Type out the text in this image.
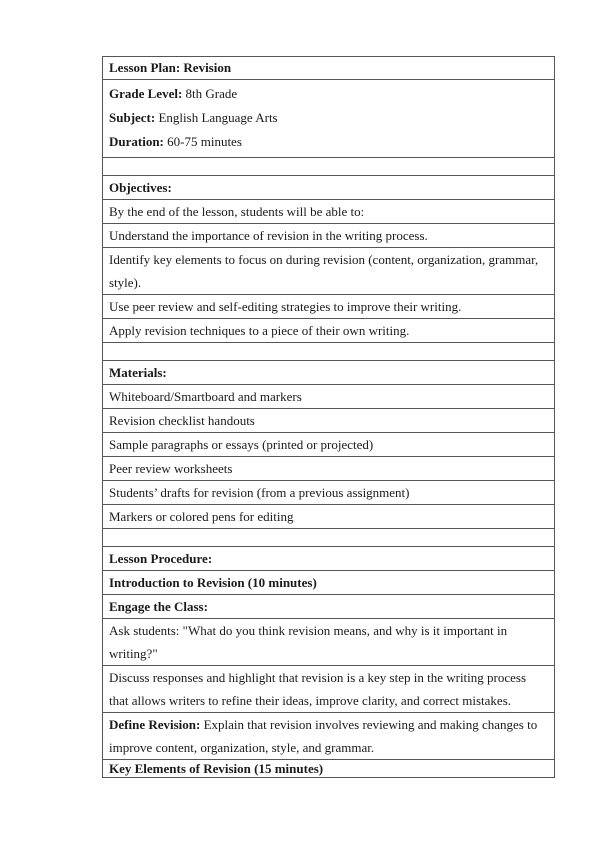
Lesson Plan: Revision

Grade Level: 8th Grade
Subject: English Language Arts
Duration: 60-75 minutes

Objectives:
By the end of the lesson, students will be able to:
Understand the importance of revision in the writing process.
Identify key elements to focus on during revision (content, organization, grammar, style).
Use peer review and self-editing strategies to improve their writing.
Apply revision techniques to a piece of their own writing.

Materials:
Whiteboard/Smartboard and markers
Revision checklist handouts
Sample paragraphs or essays (printed or projected)
Peer review worksheets
Students’ drafts for revision (from a previous assignment)
Markers or colored pens for editing

Lesson Procedure:
Introduction to Revision (10 minutes)
Engage the Class:
Ask students: "What do you think revision means, and why is it important in writing?"
Discuss responses and highlight that revision is a key step in the writing process that allows writers to refine their ideas, improve clarity, and correct mistakes.
Define Revision: Explain that revision involves reviewing and making changes to improve content, organization, style, and grammar.
Key Elements of Revision (15 minutes)
